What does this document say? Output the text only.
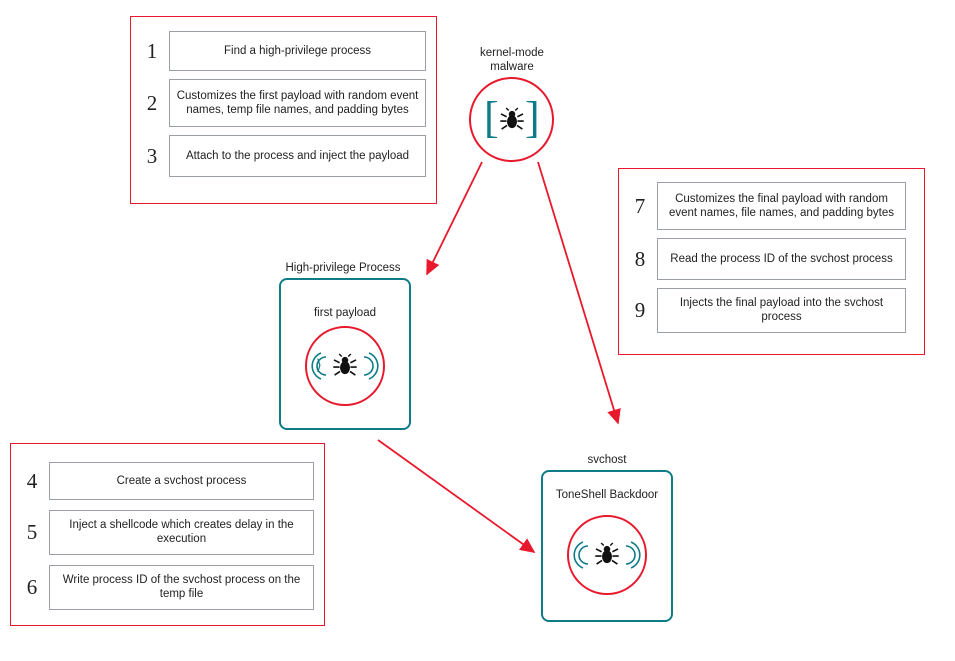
1	Find a high-privilege process
2	Customizes the first payload with random event names, temp file names, and padding bytes
3	Attach to the process and inject the payload
7	Customizes the final payload with random event names, file names, and padding bytes
8	Read the process ID of the svchost process
9	Injects the final payload into the svchost process
4	Create a svchost process
5	Inject a shellcode which creates delay in the execution
6	Write process ID of the svchost process on the temp file
kernel-mode
malware
[ ]
High-privilege Process
first payload
⟩
svchost
ToneShell Backdoor
